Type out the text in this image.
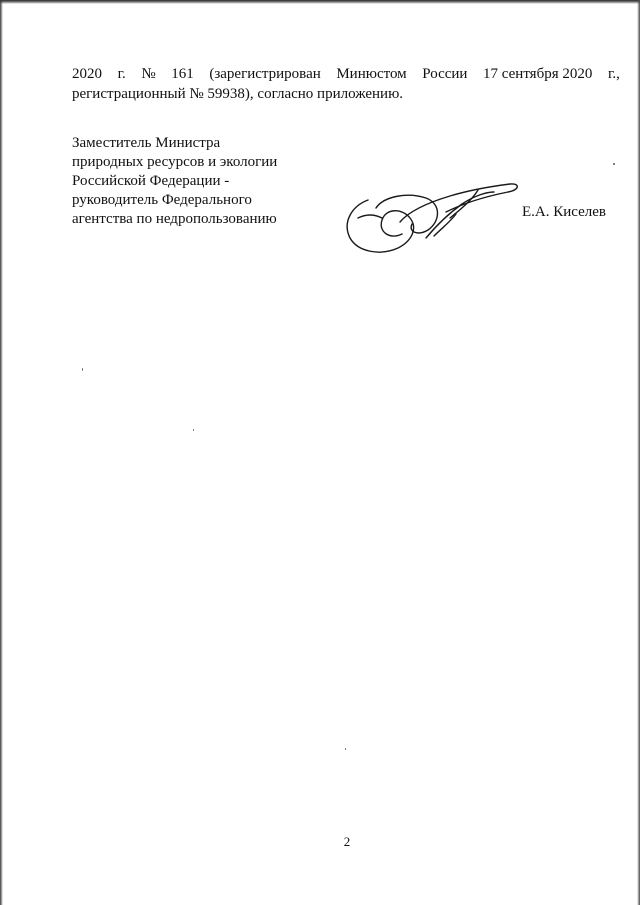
2020 г. № 161 (зарегистрирован Минюстом России 17 сентября 2020 г.,
регистрационный № 59938), согласно приложению.
Заместитель Министра
природных ресурсов и экологии
Российской Федерации -
руководитель Федерального
агентства по недропользованию	Е.А. Киселев
2
